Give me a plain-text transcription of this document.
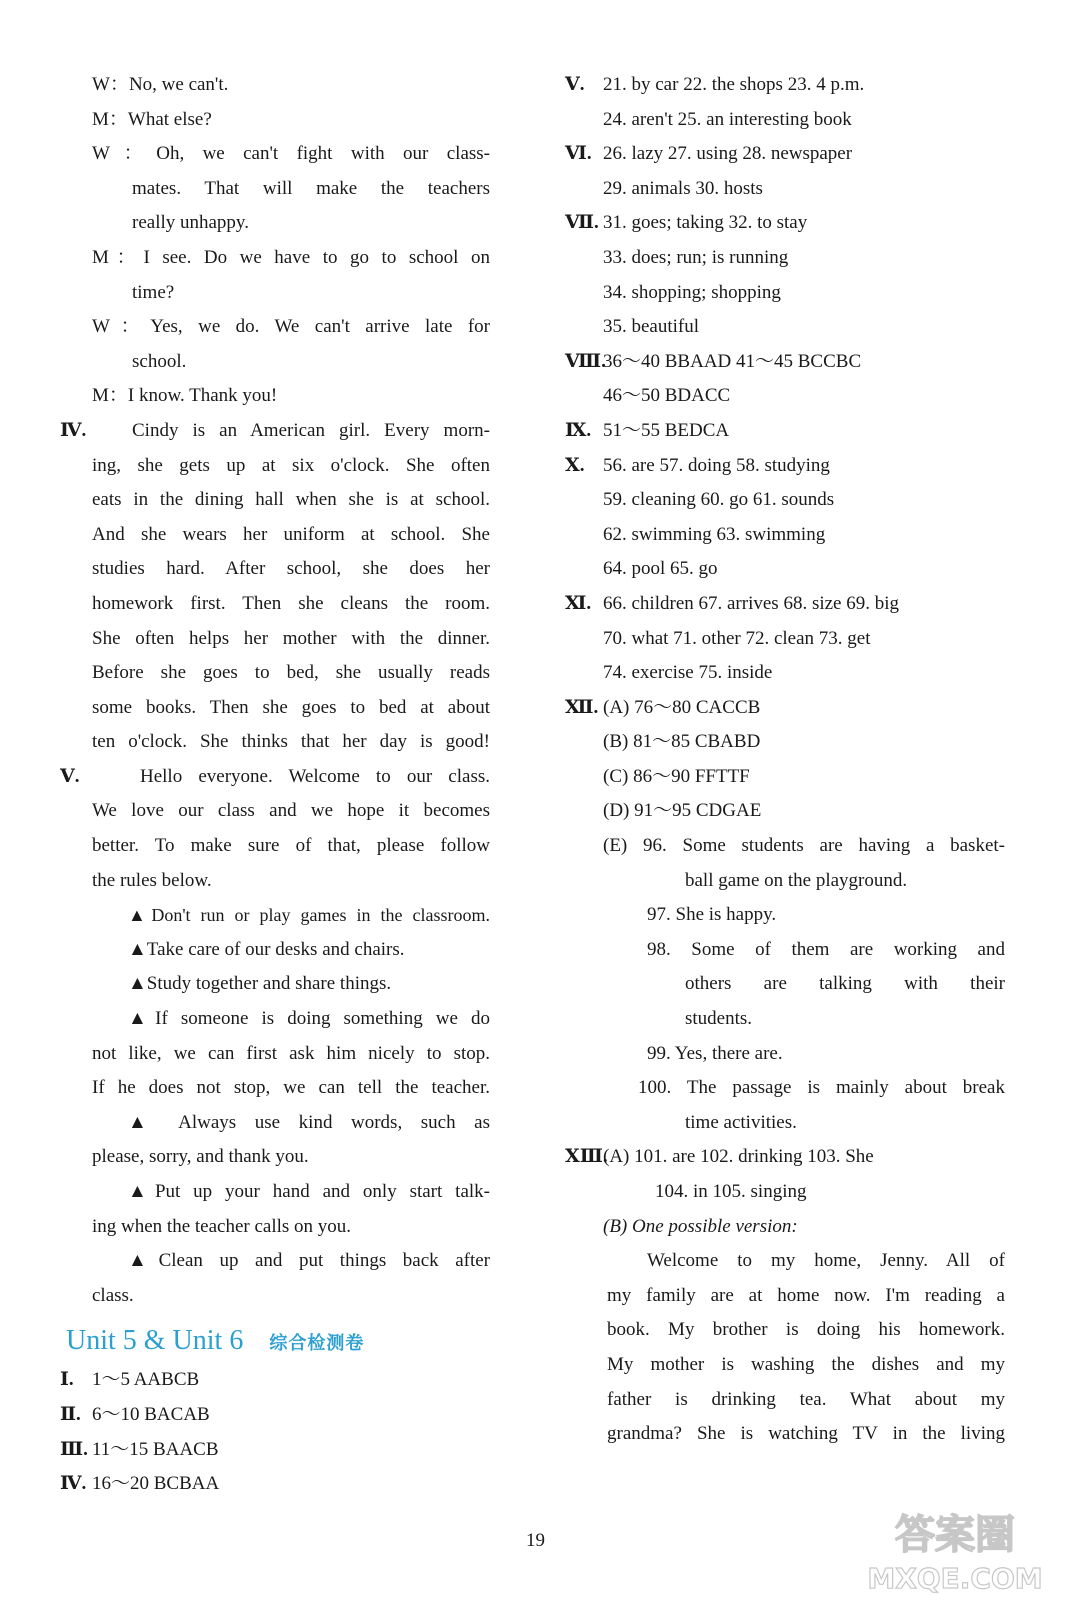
W：No, we can't.
M：What else?
W：Oh, we can't fight with our class-
mates. That will make the teachers
really unhappy.
M：I see. Do we have to go to school on
time?
W：Yes, we do. We can't arrive late for
school.
M：I know. Thank you!
Ⅳ. Cindy is an American girl. Every morn-
ing, she gets up at six o'clock. She often
eats in the dining hall when she is at school.
And she wears her uniform at school. She
studies hard. After school, she does her
homework first. Then she cleans the room.
She often helps her mother with the dinner.
Before she goes to bed, she usually reads
some books. Then she goes to bed at about
ten o'clock. She thinks that her day is good!
Ⅴ.	Hello everyone. Welcome to our class.
We love our class and we hope it becomes
better. To make sure of that, please follow
the rules below.
▲Don't run or play games in the classroom.
▲Take care of our desks and chairs.
▲Study together and share things.
▲If someone is doing something we do
not like, we can first ask him nicely to stop.
If he does not stop, we can tell the teacher.
▲ Always use kind words, such as
please, sorry, and thank you.
▲Put up your hand and only start talk-
ing when the teacher calls on you.
▲Clean up and put things back after
class.
Unit 5 & Unit 6 综合检测卷
Ⅰ. 1～5 AABCB
Ⅱ. 6～10 BACAB
Ⅲ. 11～15 BAACB
Ⅳ. 16～20 BCBAA
Ⅴ. 21. by car 22. the shops 23. 4 p.m.
24. aren't 25. an interesting book
Ⅵ. 26. lazy 27. using 28. newspaper
29. animals 30. hosts
Ⅶ. 31. goes; taking 32. to stay
33. does; run; is running
34. shopping; shopping
35. beautiful
Ⅷ.
36～40 BBAAD 41～45 BCCBC
46～50 BDACC
Ⅸ. 51～55 BEDCA
Ⅹ. 56. are 57. doing 58. studying
59. cleaning 60. go 61. sounds
62. swimming 63. swimming
64. pool 65. go
Ⅺ. 66. children 67. arrives 68. size 69. big
70. what 71. other 72. clean 73. get
74. exercise 75. inside
Ⅻ. (A) 76～80 CACCB
(B) 81～85 CBABD
(C) 86～90 FFTTF
(D) 91～95 CDGAE
(E) 96. Some students are having a basket-
ball game on the playground.
97. She is happy.
98. Some of them are working and
others are talking with their
students.
99. Yes, there are.
100. The passage is mainly about break
time activities.
ⅩⅢ.
(A) 101. are 102. drinking 103. She
104. in 105. singing
(B) One possible version:
Welcome to my home, Jenny. All of
my family are at home now. I'm reading a
book. My brother is doing his homework.
My mother is washing the dishes and my
father is drinking tea. What about my
grandma? She is watching TV in the living
19	答案圈
MXQE.COM
